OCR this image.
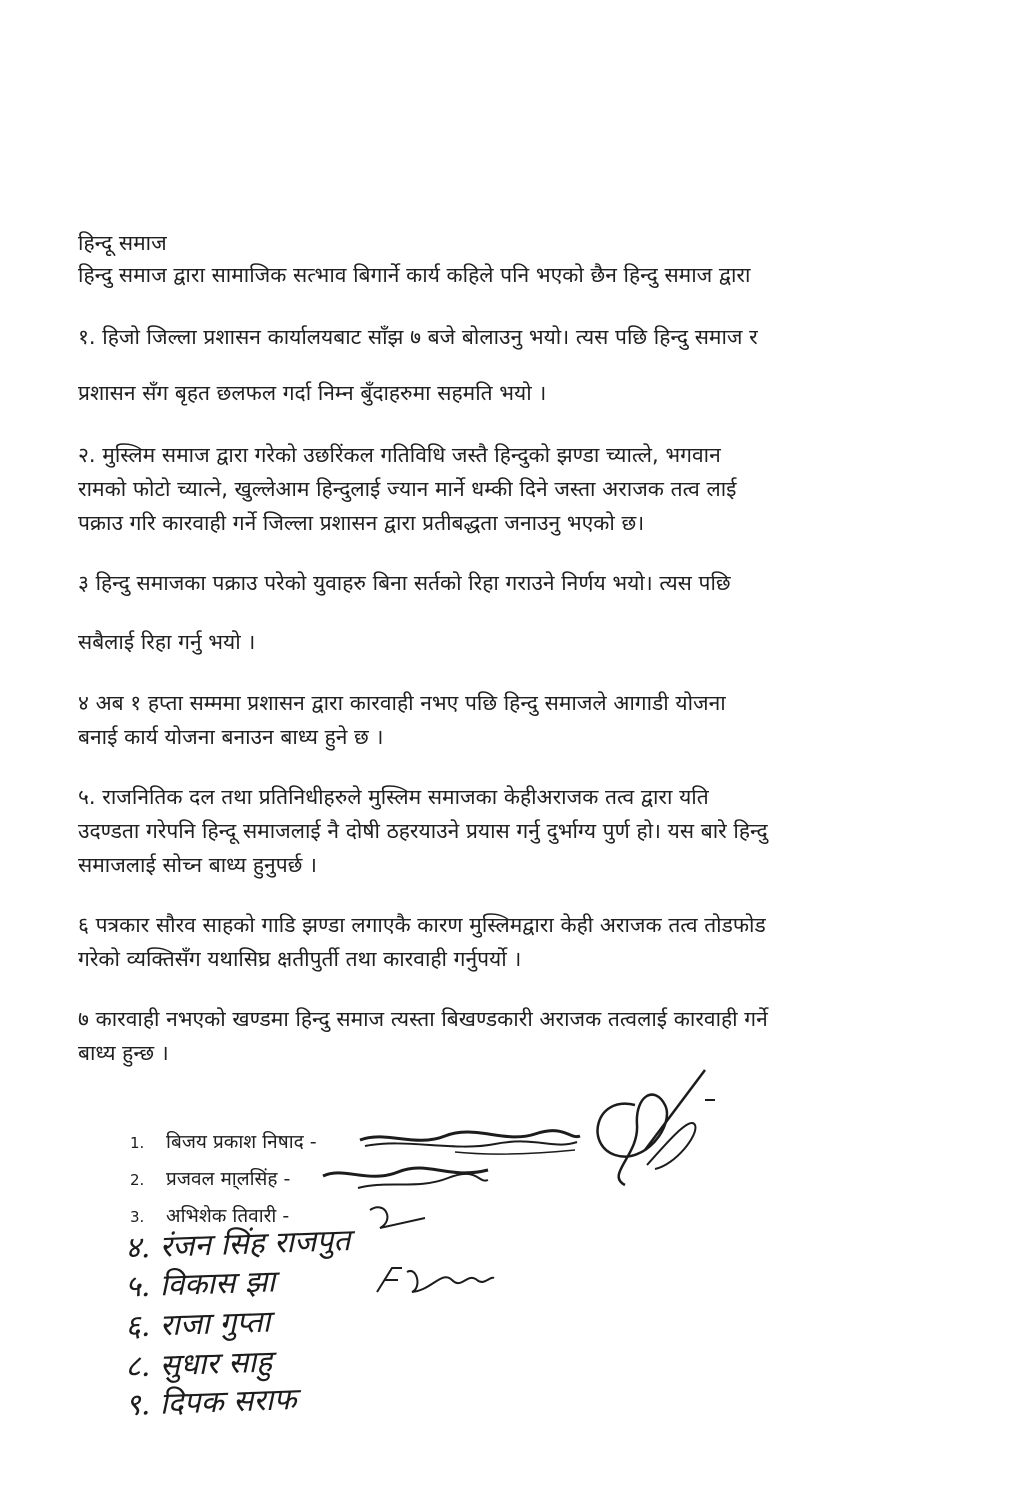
हिन्दू समाज
हिन्दु समाज द्वारा सामाजिक सत्भाव बिगार्ने कार्य कहिले पनि भएको छैन हिन्दु समाज द्वारा
१. हिजो जिल्ला प्रशासन कार्यालयबाट साँझ ७ बजे बोलाउनु भयो। त्यस पछि हिन्दु समाज र
प्रशासन सँग बृहत छलफल गर्दा निम्न बुँदाहरुमा सहमति भयो ।
२. मुस्लिम समाज द्वारा गरेको उछरिंकल गतिविधि जस्तै हिन्दुको झण्डा च्यात्ले, भगवान
रामको फोटो च्यात्ने, खुल्लेआम हिन्दुलाई ज्यान मार्ने धम्की दिने जस्ता अराजक तत्व लाई
पक्राउ गरि कारवाही गर्ने जिल्ला प्रशासन द्वारा प्रतीबद्धता जनाउनु भएको छ।
३ हिन्दु समाजका पक्राउ परेको युवाहरु बिना सर्तको रिहा गराउने निर्णय भयो। त्यस पछि
सबैलाई रिहा गर्नु भयो ।
४ अब १ हप्ता सम्ममा प्रशासन द्वारा कारवाही नभए पछि हिन्दु समाजले आगाडी योजना
बनाई कार्य योजना बनाउन बाध्य हुने छ ।
५. राजनितिक दल तथा प्रतिनिधीहरुले मुस्लिम समाजका केहीअराजक तत्व द्वारा यति
उदण्डता गरेपनि हिन्दू समाजलाई नै दोषी ठहरयाउने प्रयास गर्नु दुर्भाग्य पुर्ण हो। यस बारे हिन्दु
समाजलाई सोच्न बाध्य हुनुपर्छ ।
६ पत्रकार सौरव साहको गाडि झण्डा लगाएकै कारण मुस्लिमद्वारा केही अराजक तत्व तोडफोड
गरेको व्यक्तिसँग यथासिघ्र क्षतीपुर्ती तथा कारवाही गर्नुपर्यो ।
७ कारवाही नभएको खण्डमा हिन्दु समाज त्यस्ता बिखण्डकारी अराजक तत्वलाई कारवाही गर्ने
बाध्य हुन्छ ।
1. बिजय प्रकाश निषाद -
2. प्रजवल मा्लसिंह -
3. अभिशेक तिवारी -
४. रंजन सिंह राजपुत
५. विकास झा
६. राजा गुप्ता
८. सुधार साहु
९. दिपक सराफ
